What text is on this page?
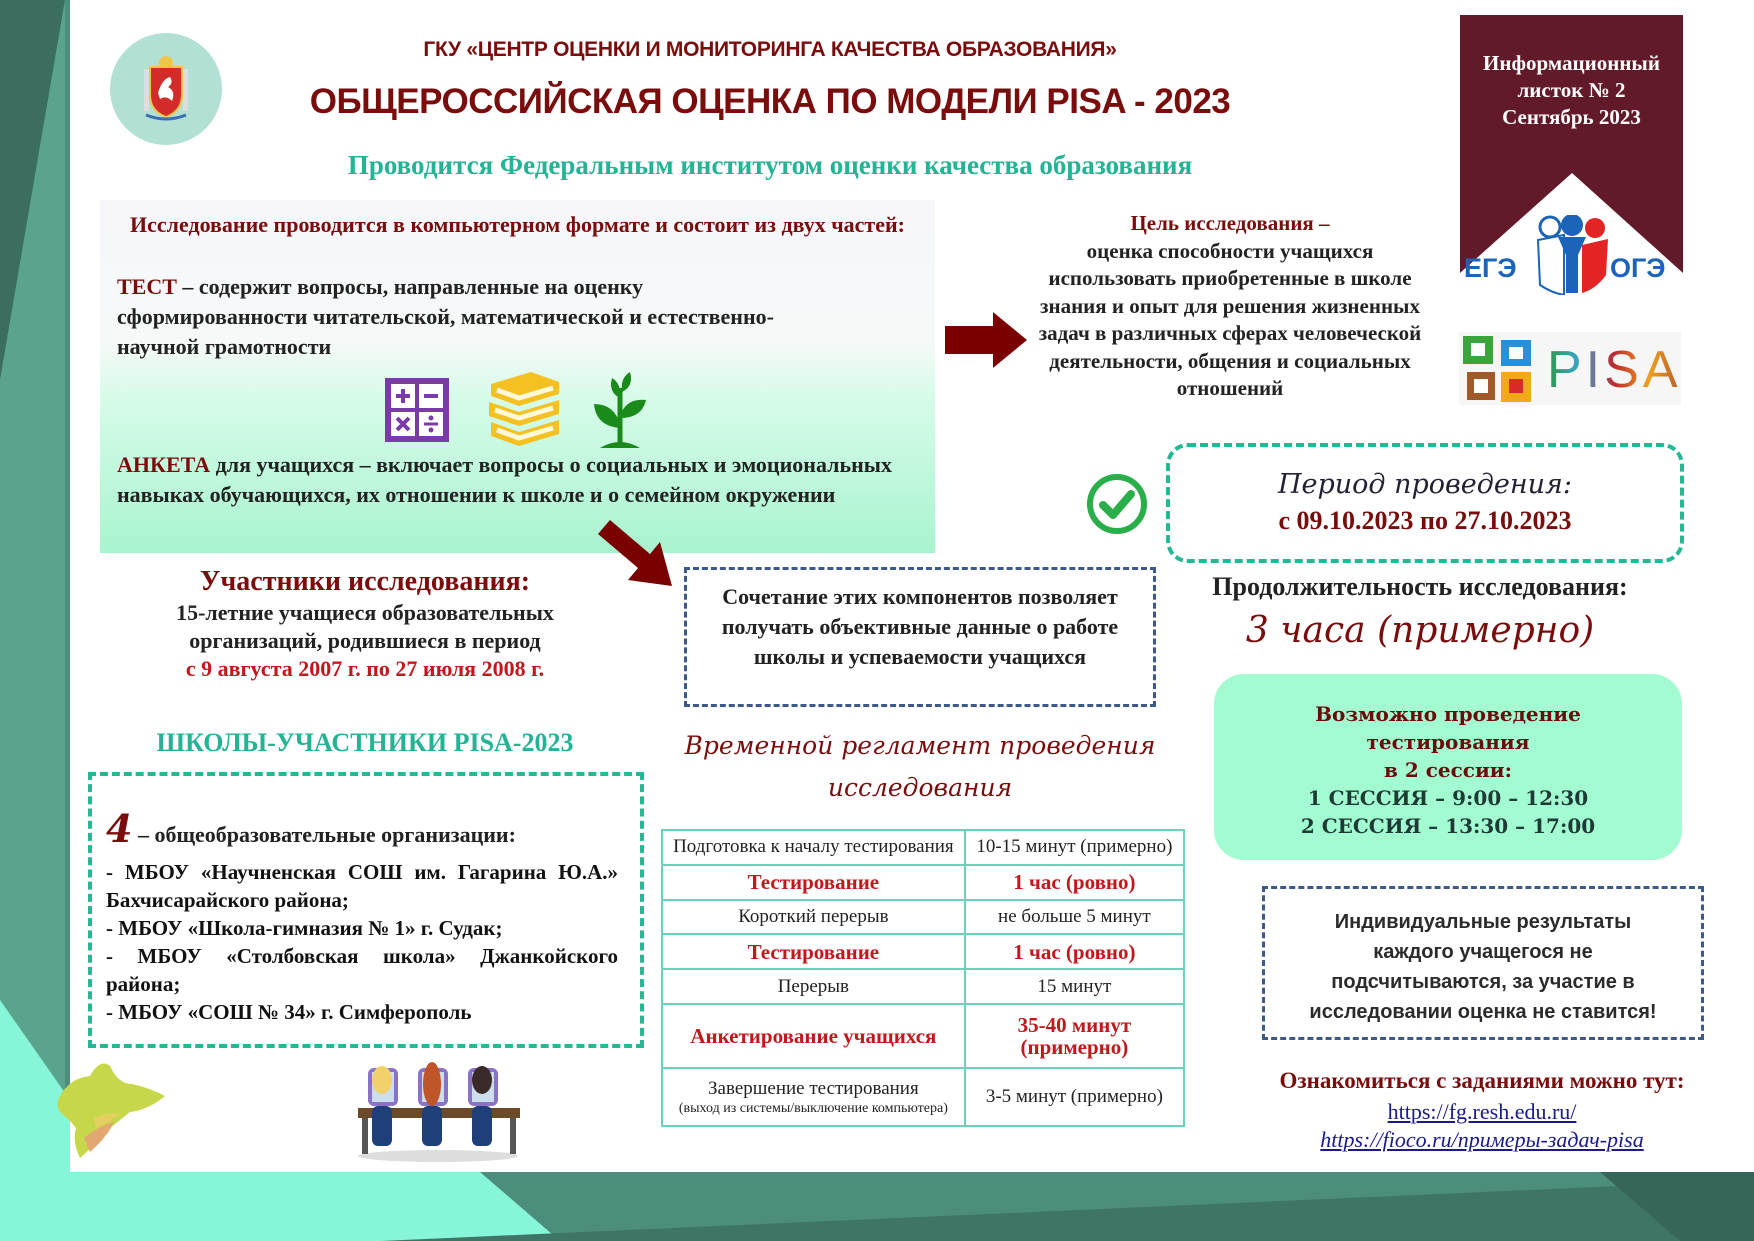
ГКУ «ЦЕНТР ОЦЕНКИ И МОНИТОРИНГА КАЧЕСТВА ОБРАЗОВАНИЯ»
ОБЩЕРОССИЙСКАЯ ОЦЕНКА ПО МОДЕЛИ PISA - 2023
Проводится Федеральным институтом оценки качества образования
Информационный
листок № 2
Сентябрь 2023
ЕГЭ	ОГЭ
PISA
Исследование проводится в компьютерном формате и состоит из двух частей:
ТЕСТ – содержит вопросы, направленные на оценку сформированности читательской, математической и естественно-научной грамотности
АНКЕТА для учащихся – включает вопросы о социальных и эмоциональных навыках обучающихся, их отношении к школе и о семейном окружении
Цель исследования –
оценка способности учащихся использовать приобретенные в школе знания и опыт для решения жизненных задач в различных сферах человеческой деятельности, общения и социальных отношений
Период проведения:
с 09.10.2023 по 27.10.2023
Продолжительность исследования:
3 часа (примерно)
Участники исследования:
15-летние учащиеся образовательных организаций, родившиеся в период
с 9 августа 2007 г. по 27 июля 2008 г.
Сочетание этих компонентов позволяет получать объективные данные о работе школы и успеваемости учащихся
ШКОЛЫ-УЧАСТНИКИ PISA-2023
4 – общеобразовательные организации:
- МБОУ «Научненская СОШ им. Гагарина Ю.А.» Бахчисарайского района;
- МБОУ «Школа-гимназия № 1» г. Судак;
- МБОУ «Столбовская школа» Джанкойского района;
- МБОУ «СОШ № 34» г. Симферополь
Временной регламент проведения
исследования
Подготовка к началу тестирования	10-15 минут (примерно)
Тестирование	1 час (ровно)
Короткий перерыв	не больше 5 минут
Тестирование	1 час (ровно)
Перерыв	15 минут
Анкетирование учащихся	35-40 минут (примерно)

Завершение тестирования
(выход из системы/выключение компьютера)	3-5 минут (примерно)
Возможно проведение
тестирования
в 2 сессии:
1 СЕССИЯ – 9:00 – 12:30
2 СЕССИЯ – 13:30 – 17:00
Индивидуальные результаты каждого учащегося не подсчитываются, за участие в исследовании оценка не ставится!
Ознакомиться с заданиями можно тут:
https://fg.resh.edu.ru/
https://fioco.ru/примеры-задач-pisa
